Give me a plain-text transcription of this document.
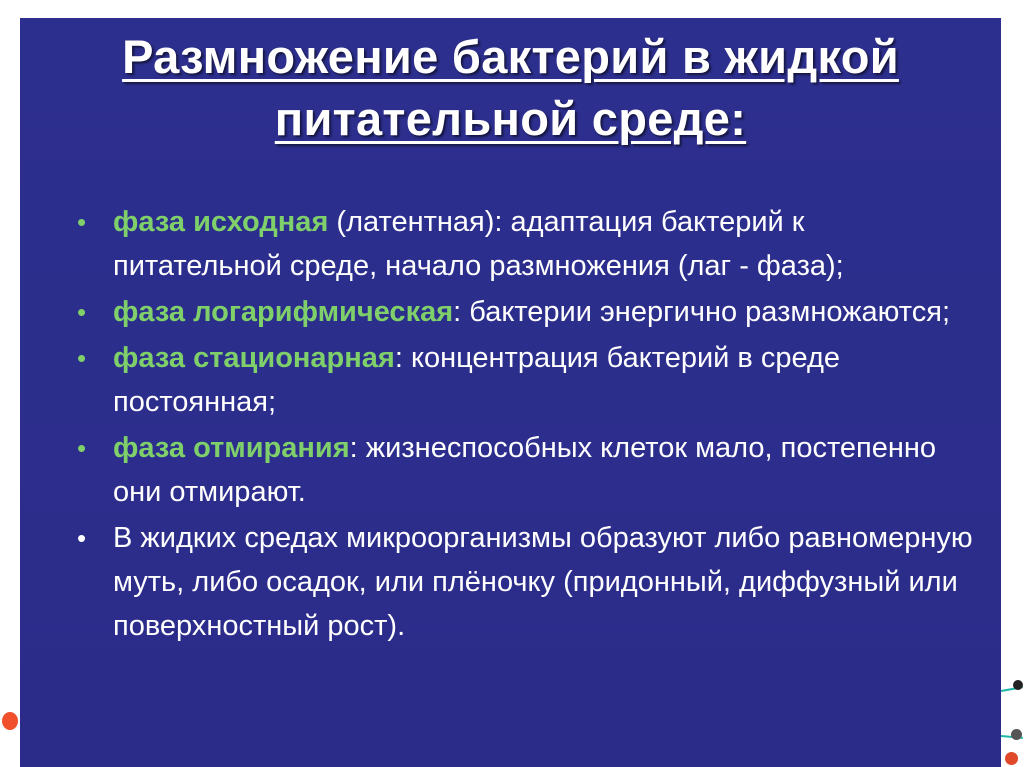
Размножение бактерий в жидкой
питательной среде:
• фаза исходная (латентная): адаптация бактерий к питательной среде, начало размножения (лаг - фаза);
• фаза логарифмическая: бактерии энергично размножаются;
• фаза стационарная: концентрация бактерий в среде постоянная;
• фаза отмирания: жизнеспособных клеток мало, постепенно они отмирают.
• В жидких средах микроорганизмы образуют либо равномерную муть, либо осадок, или плёночку (придонный, диффузный или поверхностный рост).
